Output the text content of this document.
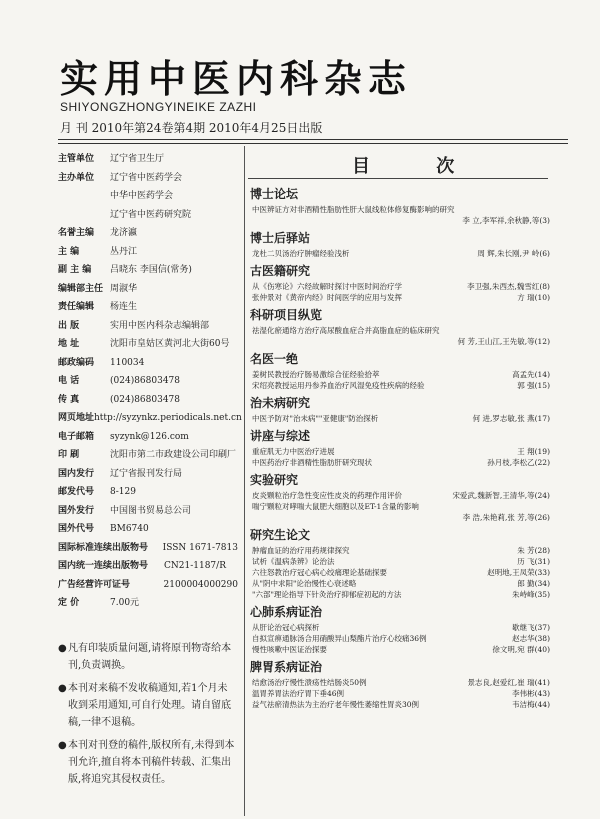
实用中医内科杂志
SHIYONGZHONGYINEIKE ZAZHI
月 刊 2010年第24卷第4期 2010年4月25日出版
主管单位	辽宁省卫生厅
主办单位	辽宁省中医药学会
中华中医药学会
辽宁省中医药研究院
名誉主编	龙济瀛
主 编	丛丹江
副 主 编	吕晓东 李国信(常务)
编辑部主任 周淑华
责任编辑	杨连生
出 版	实用中医内科杂志编辑部
地 址	沈阳市皇姑区黄河北大街60号
邮政编码	110034
电 话	(024)86803478
传 真	(024)86803478
网页地址 http://syzynkz.periodicals.net.cn
电子邮箱	syzynk@126.com
印 刷	沈阳市第二市政建设公司印刷厂
国内发行	辽宁省报刊发行局
邮发代号	8-129
国外发行	中国图书贸易总公司
国外代号	BM6740
国际标准连续出版物号	ISSN 1671-7813
国内统一连续出版物号	CN21-1187/R
广告经营许可证号	2100004000290
定 价	7.00元
● 凡有印装质量问题,请将原刊物寄给本刊,负责调换。
● 本刊对来稿不发收稿通知,若1个月未收到采用通知,可自行处理。请自留底稿,一律不退稿。
● 本刊对刊登的稿件,版权所有,未得到本刊允许,擅自将本刊稿件转载、汇集出版,将追究其侵权责任。
目 次
博士论坛
中医辨证方对非酒精性脂肪性肝大鼠线粒体修复酶影响的研究
李 立,李军祥,余秋静,等(3)
博士后驿站
龙杜二贝汤治疗肿瘤经验浅析	周 辉,朱长刚,尹 岭(6)
古医籍研究
从《伤寒论》六经故解时探讨中医时间治疗学	李卫强,朱西杰,魏雪红(8)
张仲景对《黄帝内经》时间医学的应用与发挥	方 瑞(10)
科研项目纵览
祛湿化瘀通络方治疗高尿酸血症合并高脂血症的临床研究
何 芳,王山江,王先敏,等(12)
名医一绝
姜树民教授治疗肠易激综合征经验拾萃	高孟先(14)
宋绍亮教授运用丹参养血治疗风湿免疫性疾病的经验	郭 强(15)
治未病研究
中医予防对"治未病""亚健康"防治探析	何 进,罗志敏,张 燕(17)
讲座与综述
重症肌无力中医治疗进展	王 翔(19)
中医药治疗非酒精性脂肪肝研究现状	孙月枝,李松乙(22)
实验研究
皮炎颗粒治疗急性变应性皮炎的药理作用评价	宋爱武,魏新智,王清华,等(24)
喘宁颗粒对哮喘大鼠肥大细胞以及ET-1含量的影响
李 浩,朱艳莉,张 芳,等(26)
研究生论文
肿瘤血证的治疗用药规律探究	朱 芳(28)
试析《温病条辨》论治法	历 飞(31)
六往怒教治疗冠心病心绞痛理论基础探要	赵明地,王凤荣(33)
从"阴中求阳"论治慢性心衰述略	郎 勤(34)
"六部"理论指导下针灸治疗抑郁症初起的方法	朱峙峰(35)
心肺系病证治
从肝论治冠心病探析	歇继飞(37)
自拟宣痹通脉汤合用硝酸异山梨酯片治疗心绞痛36例	赵志华(38)
慢性咳嗽中医证治探要	徐文明,宛 群(40)
脾胃系病证治
结愈汤治疗慢性溃疡性结肠炎50例	景志良,赵爱红,崔 瑞(41)
温胃养胃法治疗胃下垂46例	李伟彬(43)
益气祛瘀清热法为主治疗老年慢性萎缩性胃炎30例	韦洁梅(44)
